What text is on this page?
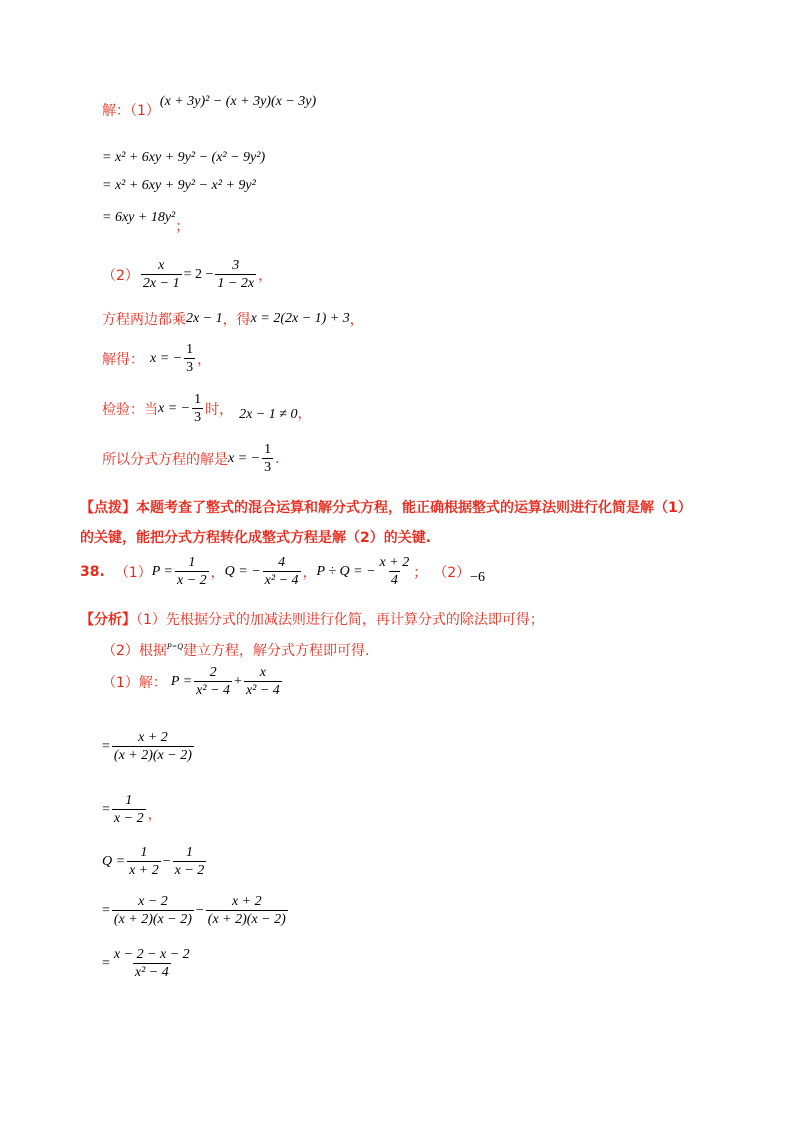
解：（1）
(x + 3y)² − (x + 3y)(x − 3y)
= x² + 6xy + 9y² − (x² − 9y²)
= x² + 6xy + 9y² − x² + 9y²
= 6xy + 18y²
；
$(2) \frac{x}{2x - 1} = 2 - \frac{3}{1 - 2x}$ ，
方程两边都乘 2x − 1 ，得 x = 2(2x − 1) + 3 ，
解得： x = − $\frac{1}{3}$ ，
检验：当 x = − $\frac{1}{3}$ 时， 2x − 1 ≠ 0 ，
所以分式方程的解是 x = − $\frac{1}{3}$ .
【点拨】本题考查了整式的混合运算和解分式方程，能正确根据整式的运算法则进行化简是解（1）
的关键，能把分式方程转化成整式方程是解（2）的关键.
38. （1） $P = \frac{1}{x - 2}$ ， Q = − $\frac{4}{\text{x² − 4}}$ ， P ÷ Q = − $\frac{x + 2}{4}$ ； （2） −6
【分析】（1）先根据分式的加减法则进行化简，再计算分式的除法即可得；
（2）根据 P=Q 建立方程，解分式方程即可得.
（1）解： $P = \frac{2}{\text{x² − 4}} + \frac{x}{\text{x² − 4}}$
= $\frac{x + 2}{(x + 2)(x - 2)}$
= $\frac{1}{x - 2}$ ，
$Q = \frac{1}{x + 2} - \frac{1}{x - 2}$
= $\frac{x - 2}{(x + 2)(x - 2)} - \frac{x + 2}{(x + 2)(x - 2)}$
= $\frac{x - 2 - x - 2}{\text{x² − 4}}$
